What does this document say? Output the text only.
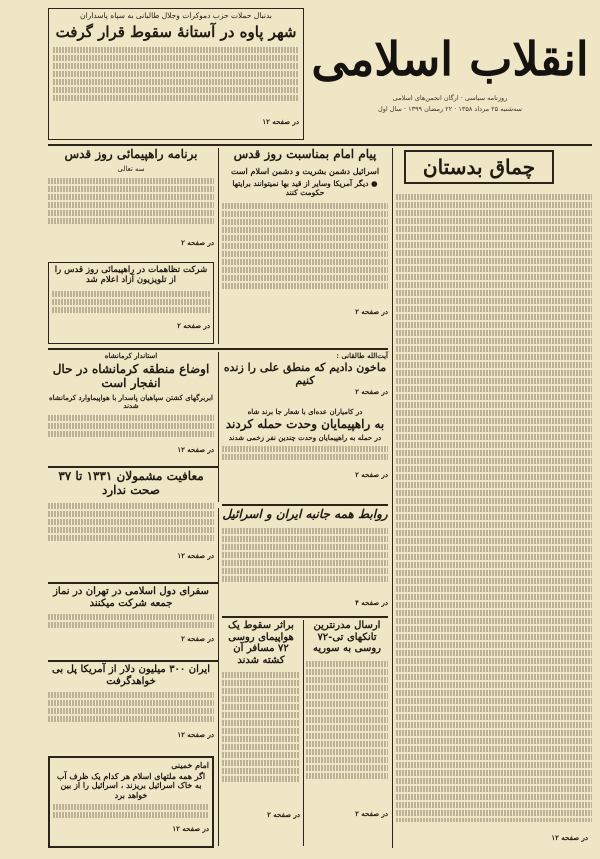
انقلاب اسلامی
روزنامه سیاسی · ارگان انجمن‌های اسلامی
سه‌شنبه ۲۵ مرداد ۱۳۵۸ · ۲۲ رمضان ۱۳۹۹ · سال اول
بدنبال حملات حزب دموکرات وجلال طالبانی به سپاه پاسداران
شهر پاوه در آستانهٔ سقوط قرار گرفت
در صفحه ۱۲
چماق بدستان
در صفحه ۱۲
پیام امام بمناسبت روز قدس
اسرائیل دشمن بشریت و دشمن اسلام است
● دیگر آمریکا وسایر از قید بها نمیتوانند برایتها حکومت کنند
در صفحه ۲
برنامه راهپیمائی روز قدس
سه تعالی
در صفحه ۲
شرکت تظاهمات در راهپیمائی روز قدس را
از تلویزیون آزاد اعلام شد
در صفحه ۲
استاندار کرمانشاه
اوضاع منطقه کرمانشاه در حال انفجار است
ابربرگهای کشتن سپاهیان پاسدار با هواپیماوارد کرمانشاه شدند
در صفحه ۱۲
آیت‌الله طالقانی :
ماخون دادیم که منطق علی را زنده کنیم
در صفحه ۲
در کامیاران عده‌ای با شعار جا برند شاه
به راهپیمایان وحدت حمله کردند
در حمله به راهپیمایان وحدت چندین نفر زخمی شدند
در صفحه ۲
معافیت مشمولان ۱۳۳۱ تا ۳۷
صحت ندارد
در صفحه ۱۲
روابط همه جانبه ایران و اسرائیل
در صفحه ۴
سفرای دول اسلامی در تهران در نماز جمعه شرکت میکنند
در صفحه ۲
ارسال مدرنترین تانکهای تی-۷۲ روسی به سوریه
در صفحه ۲
براثر سقوط یک هواپیمای روسی ۷۲ مسافر آن کشته شدند
در صفحه ۲
ایران ۳۰۰ میلیون دلار از آمریکا پل بی خواهدگرفت
در صفحه ۱۲
امام خمینی
اگر همه ملتهای اسلام هر کدام یک ظرف آب به خاک اسرائیل بریزند ، اسرائیل را از بین خواهد برد
در صفحه ۱۲
